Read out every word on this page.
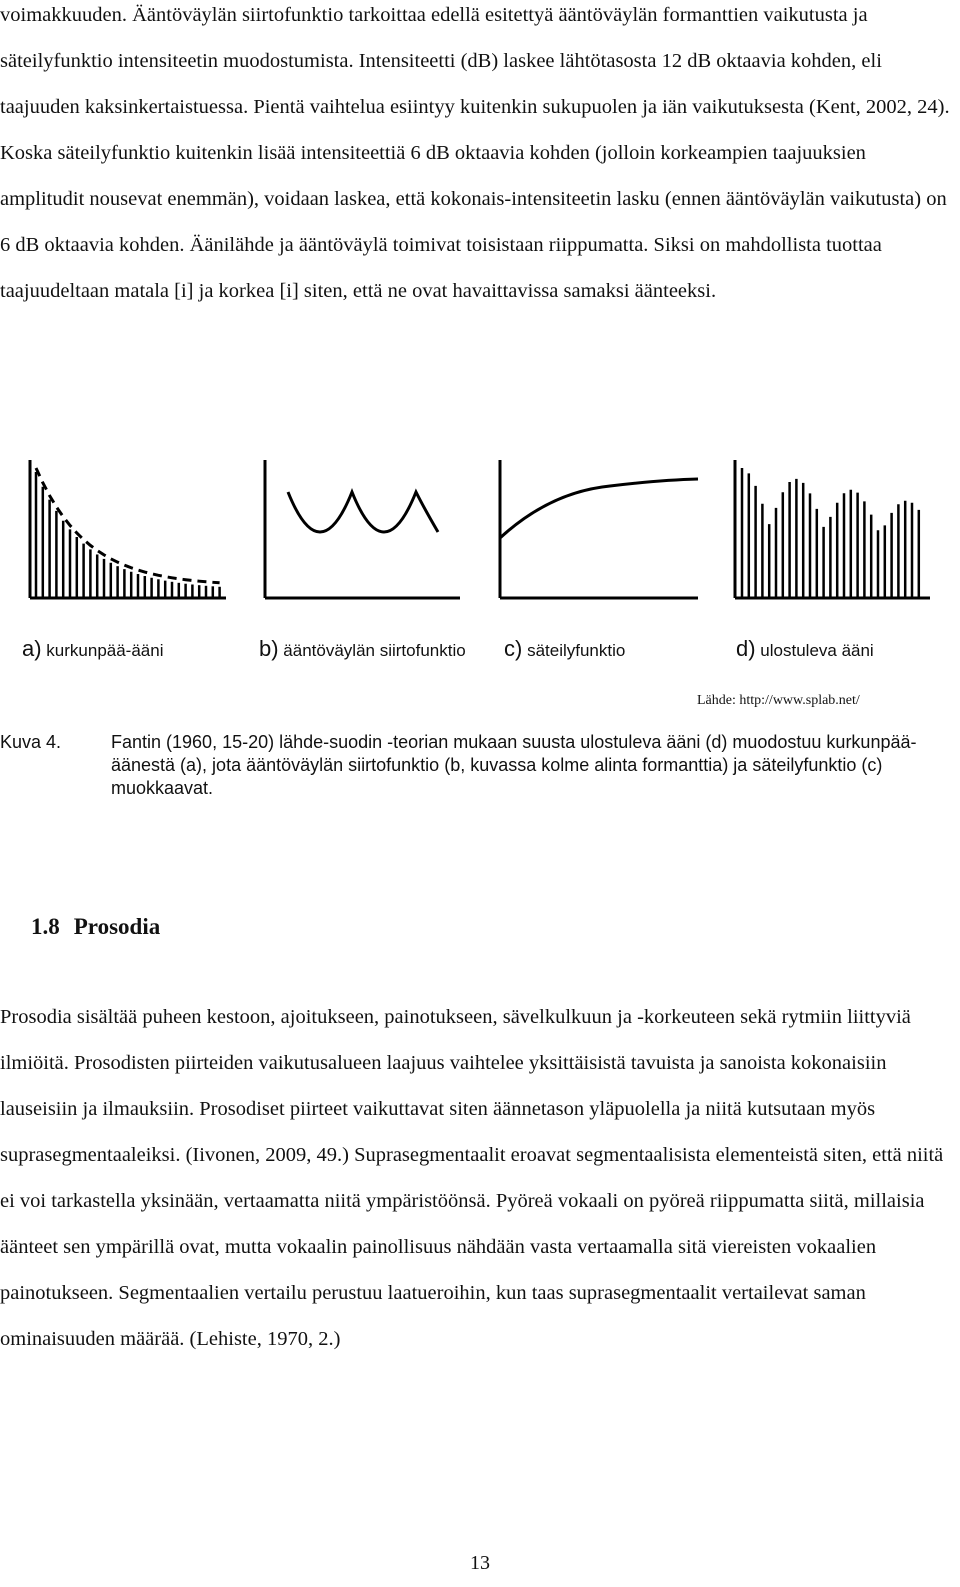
voimakkuuden. Ääntöväylän siirtofunktio tarkoittaa edellä esitettyä ääntöväylän formanttien vaikutusta ja säteilyfunktio intensiteetin muodostumista. Intensiteetti (dB) laskee lähtötasosta 12 dB oktaavia kohden, eli taajuuden kaksinkertaistuessa. Pientä vaihtelua esiintyy kuitenkin sukupuolen ja iän vaikutuksesta (Kent, 2002, 24). Koska säteilyfunktio kuitenkin lisää intensiteettiä 6 dB oktaavia kohden (jolloin korkeampien taajuuksien amplitudit nousevat enemmän), voidaan laskea, että kokonais-intensiteetin lasku (ennen ääntöväylän vaikutusta) on 6 dB oktaavia kohden. Äänilähde ja ääntöväylä toimivat toisistaan riippumatta. Siksi on mahdollista tuottaa taajuudeltaan matala [i] ja korkea [i] siten, että ne ovat havaittavissa samaksi äänteeksi.

a) kurkunpää-ääni	b) ääntöväylän siirtofunktio c) säteilyfunktio	d) ulostuleva ääni
Lähde: http://www.splab.net/
Kuva 4.	Fantin (1960, 15-20) lähde-suodin -teorian mukaan suusta ulostuleva ääni (d) muodostuu kurkunpää-äänestä (a), jota ääntöväylän siirtofunktio (b, kuvassa kolme alinta formanttia) ja säteilyfunktio (c) muokkaavat.

1.8 Prosodia

Prosodia sisältää puheen kestoon, ajoitukseen, painotukseen, sävelkulkuun ja -korkeuteen sekä rytmiin liittyviä ilmiöitä. Prosodisten piirteiden vaikutusalueen laajuus vaihtelee yksittäisistä tavuista ja sanoista kokonaisiin lauseisiin ja ilmauksiin. Prosodiset piirteet vaikuttavat siten äännetason yläpuolella ja niitä kutsutaan myös suprasegmentaaleiksi. (Iivonen, 2009, 49.) Suprasegmentaalit eroavat segmentaalisista elementeistä siten, että niitä ei voi tarkastella yksinään, vertaamatta niitä ympäristöönsä. Pyöreä vokaali on pyöreä riippumatta siitä, millaisia äänteet sen ympärillä ovat, mutta vokaalin painollisuus nähdään vasta vertaamalla sitä viereisten vokaalien painotukseen. Segmentaalien vertailu perustuu laatueroihin, kun taas suprasegmentaalit vertailevat saman ominaisuuden määrää. (Lehiste, 1970, 2.)

13
